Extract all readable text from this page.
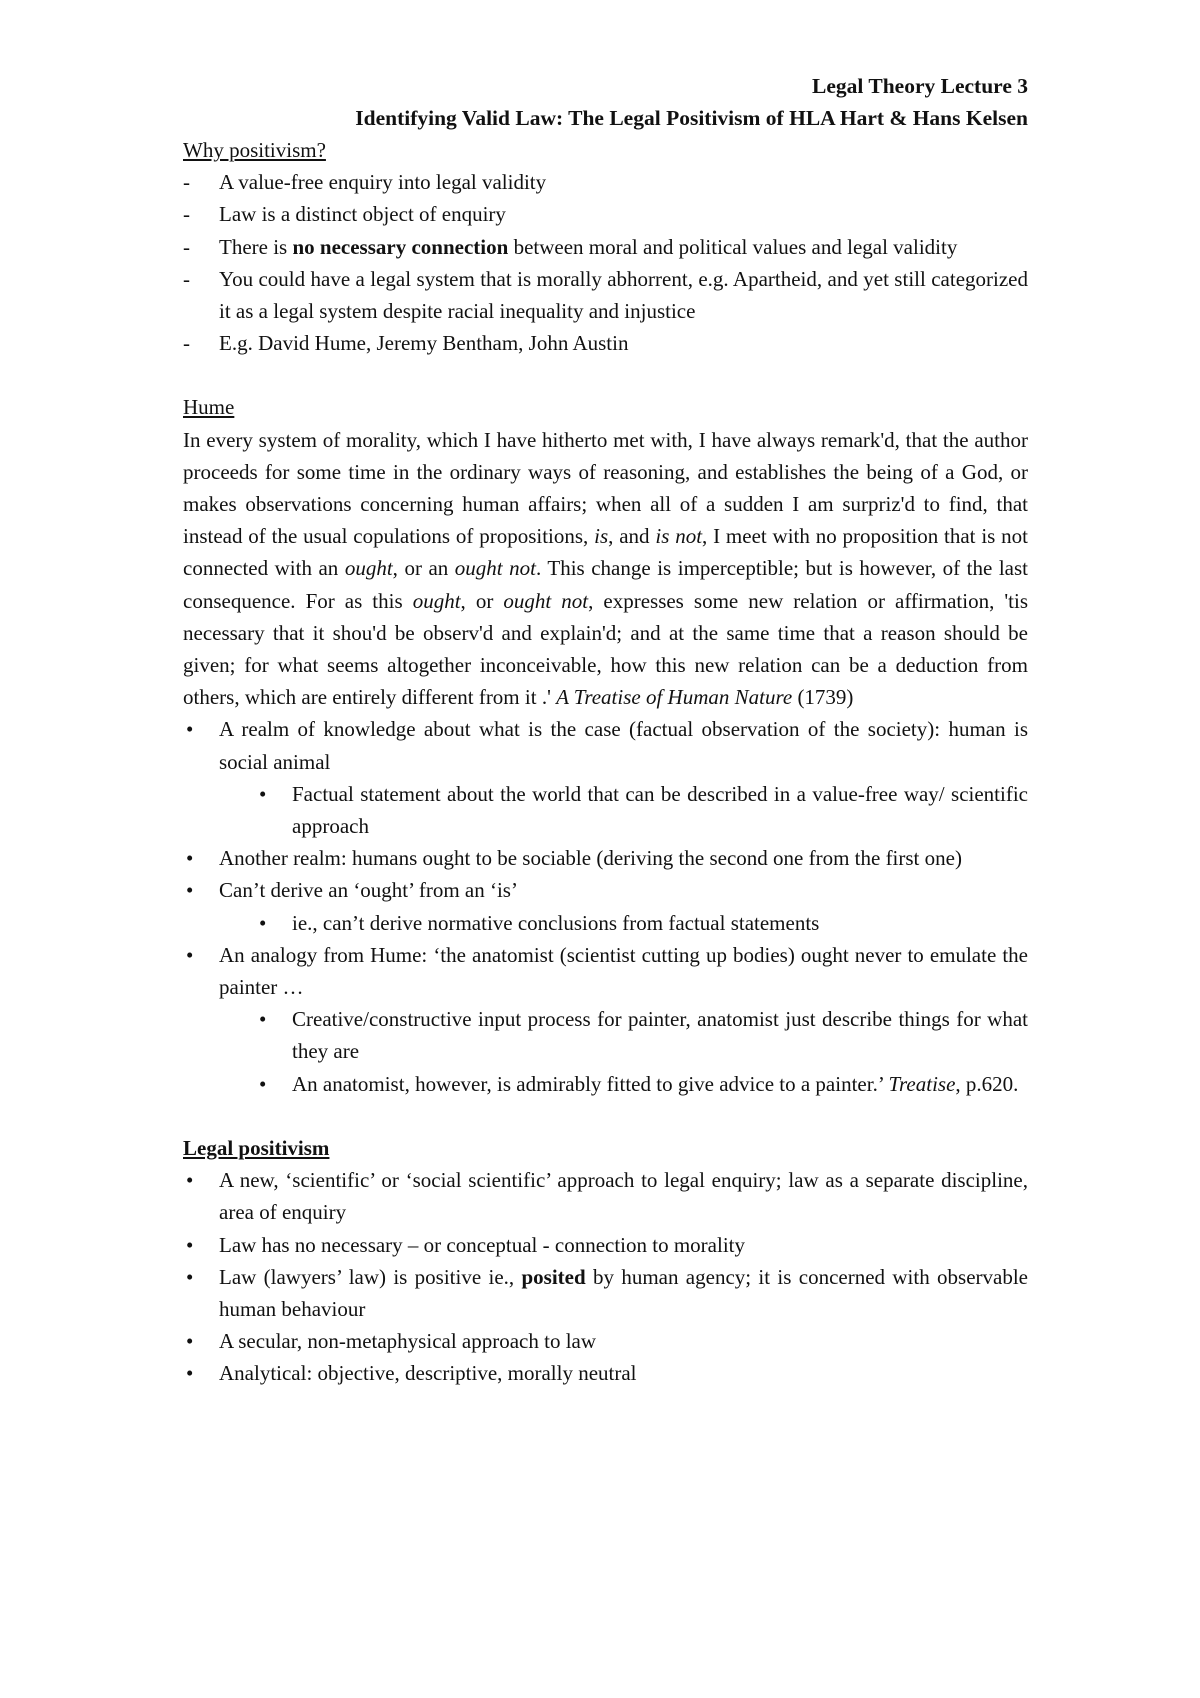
Legal Theory Lecture 3
Identifying Valid Law: The Legal Positivism of HLA Hart & Hans Kelsen
Why positivism?
- A value-free enquiry into legal validity
- Law is a distinct object of enquiry
- There is no necessary connection between moral and political values and legal validity
- You could have a legal system that is morally abhorrent, e.g. Apartheid, and yet still categorized it as a legal system despite racial inequality and injustice
- E.g. David Hume, Jeremy Bentham, John Austin
Hume

In every system of morality, which I have hitherto met with, I have always remark'd, that the author proceeds for some time in the ordinary ways of reasoning, and establishes the being of a God, or makes observations concerning human affairs; when all of a sudden I am surpriz'd to find, that instead of the usual copulations of propositions, is, and is not, I meet with no proposition that is not connected with an ought, or an ought not. This change is imperceptible; but is however, of the last consequence. For as this ought, or ought not, expresses some new relation or affirmation, 'tis necessary that it shou'd be observ'd and explain'd; and at the same time that a reason should be given; for what seems altogether inconceivable, how this new relation can be a deduction from others, which are entirely different from it .' A Treatise of Human Nature (1739)

• A realm of knowledge about what is the case (factual observation of the society): human is social animal
• Factual statement about the world that can be described in a value-free way/ scientific approach
• Another realm: humans ought to be sociable (deriving the second one from the first one)
• Can’t derive an ‘ought’ from an ‘is’
• ie., can’t derive normative conclusions from factual statements
• An analogy from Hume: ‘the anatomist (scientist cutting up bodies) ought never to emulate the painter …
• Creative/constructive input process for painter, anatomist just describe things for what they are
• An anatomist, however, is admirably fitted to give advice to a painter.’ Treatise, p.620.
Legal positivism
• A new, ‘scientific’ or ‘social scientific’ approach to legal enquiry; law as a separate discipline, area of enquiry
• Law has no necessary – or conceptual - connection to morality
• Law (lawyers’ law) is positive ie., posited by human agency; it is concerned with observable human behaviour
• A secular, non-metaphysical approach to law
• Analytical: objective, descriptive, morally neutral
